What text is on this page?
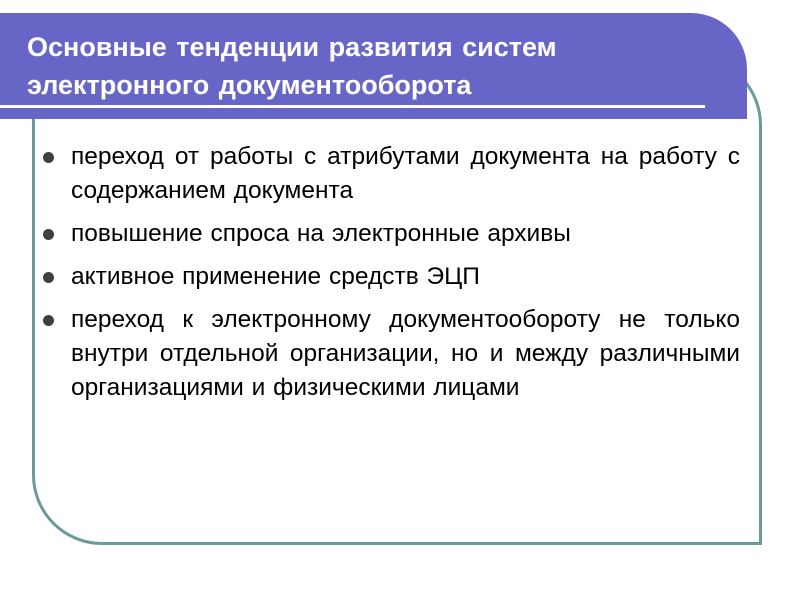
Основные тенденции развития систем
электронного документооборота
переход от работы с атрибутами документа на работу с содержанием документа
повышение спроса на электронные архивы
активное применение средств ЭЦП
переход к электронному документообороту не только внутри отдельной организации, но и между различными организациями и физическими лицами
